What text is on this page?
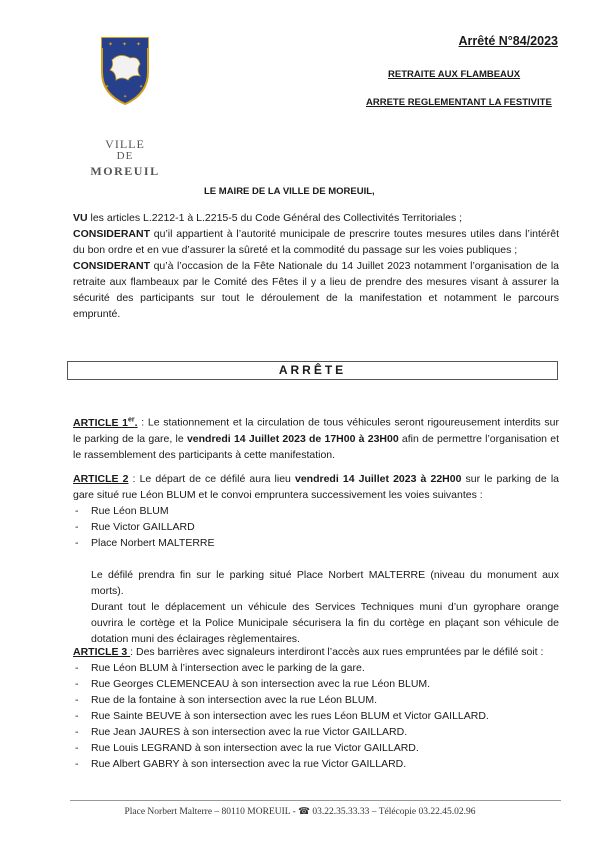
✦ ✦ ✦
✦	✦
✦
VILLE
DE
MOREUIL
Arrêté N°84/2023
RETRAITE AUX FLAMBEAUX
ARRETE REGLEMENTANT LA FESTIVITE
LE MAIRE DE LA VILLE DE MOREUIL,

VU les articles L.2212-1 à L.2215-5 du Code Général des Collectivités Territoriales ;

CONSIDERANT qu’il appartient à l’autorité municipale de prescrire toutes mesures utiles dans l’intérêt du bon ordre et en vue d’assurer la sûreté et la commodité du passage sur les voies publiques ;

CONSIDERANT qu’à l’occasion de la Fête Nationale du 14 Juillet 2023 notamment l’organisation de la retraite aux flambeaux par le Comité des Fêtes il y a lieu de prendre des mesures visant à assurer la sécurité des participants sur tout le déroulement de la manifestation et notamment le parcours emprunté.

ARRÊTE

ARTICLE 1er. : Le stationnement et la circulation de tous véhicules seront rigoureusement interdits sur le parking de la gare, le vendredi 14 Juillet 2023 de 17H00 à 23H00 afin de permettre l’organisation et le rassemblement des participants à cette manifestation.

ARTICLE 2 : Le départ de ce défilé aura lieu vendredi 14 Juillet 2023 à 22H00 sur le parking de la gare situé rue Léon BLUM et le convoi empruntera successivement les voies suivantes :

- Rue Léon BLUM
- Rue Victor GAILLARD
- Place Norbert MALTERRE

Le défilé prendra fin sur le parking situé Place Norbert MALTERRE (niveau du monument aux morts).

Durant tout le déplacement un véhicule des Services Techniques muni d’un gyrophare orange ouvrira le cortège et la Police Municipale sécurisera la fin du cortège en plaçant son véhicule de dotation muni des éclairages règlementaires.

ARTICLE 3 : Des barrières avec signaleurs interdiront l’accès aux rues empruntées par le défilé soit :

- Rue Léon BLUM à l’intersection avec le parking de la gare.
- Rue Georges CLEMENCEAU à son intersection avec la rue Léon BLUM.
- Rue de la fontaine à son intersection avec la rue Léon BLUM.
- Rue Sainte BEUVE à son intersection avec les rues Léon BLUM et Victor GAILLARD.
- Rue Jean JAURES à son intersection avec la rue Victor GAILLARD.
- Rue Louis LEGRAND à son intersection avec la rue Victor GAILLARD.
- Rue Albert GABRY à son intersection avec la rue Victor GAILLARD.
Place Norbert Malterre – 80110 MOREUIL - ☎ 03.22.35.33.33 – Télécopie 03.22.45.02.96
